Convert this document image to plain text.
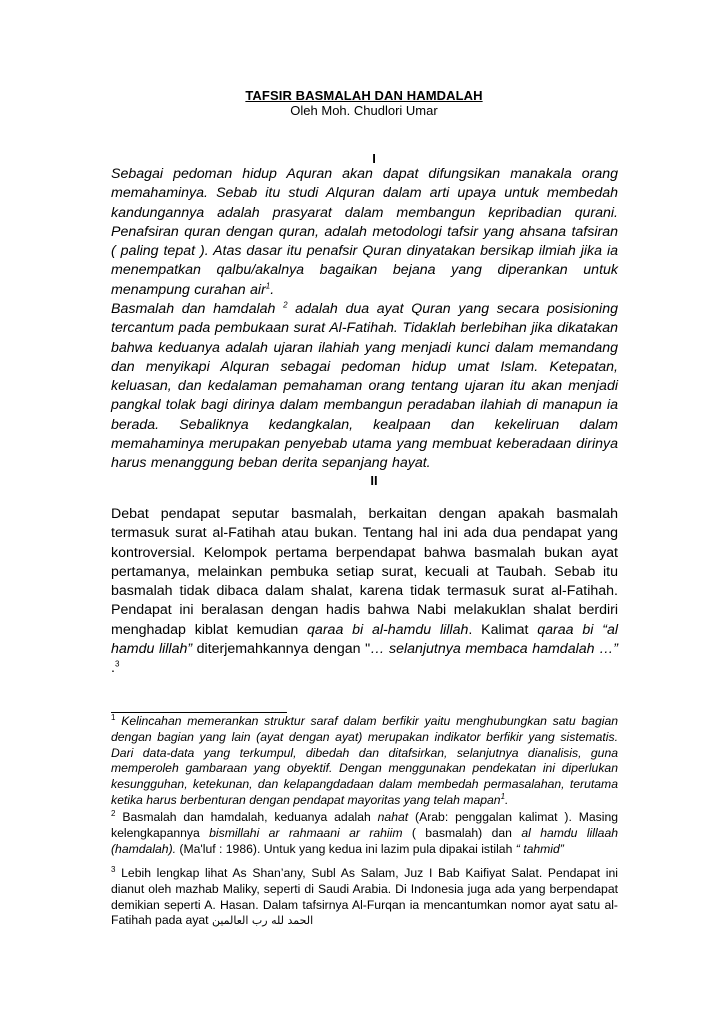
TAFSIR BASMALAH DAN HAMDALAH
Oleh Moh. Chudlori Umar
I
Sebagai pedoman hidup Aquran akan dapat difungsikan manakala orang memahaminya. Sebab itu studi Alquran dalam arti upaya untuk membedah kandungannya adalah prasyarat dalam membangun kepribadian qurani. Penafsiran quran dengan quran, adalah metodologi tafsir yang ahsana tafsiran ( paling tepat ). Atas dasar itu penafsir Quran dinyatakan bersikap ilmiah jika ia menempatkan qalbu/akalnya bagaikan bejana yang diperankan untuk menampung curahan air$^1$.
Basmalah dan hamdalah $^2$ adalah dua ayat Quran yang secara posisioning tercantum pada pembukaan surat Al-Fatihah. Tidaklah berlebihan jika dikatakan bahwa keduanya adalah ujaran ilahiah yang menjadi kunci dalam memandang dan menyikapi Alquran sebagai pedoman hidup umat Islam. Ketepatan, keluasan, dan kedalaman pemahaman orang tentang ujaran itu akan menjadi pangkal tolak bagi dirinya dalam membangun peradaban ilahiah di manapun ia berada. Sebaliknya kedangkalan, kealpaan dan kekeliruan dalam memahaminya merupakan penyebab utama yang membuat keberadaan dirinya harus menanggung beban derita sepanjang hayat.
II
Debat pendapat seputar basmalah, berkaitan dengan apakah basmalah termasuk surat al-Fatihah atau bukan. Tentang hal ini ada dua pendapat yang kontroversial. Kelompok pertama berpendapat bahwa basmalah bukan ayat pertamanya, melainkan pembuka setiap surat, kecuali at Taubah. Sebab itu basmalah tidak dibaca dalam shalat, karena tidak termasuk surat al-Fatihah. Pendapat ini beralasan dengan hadis bahwa Nabi melakuklan shalat berdiri menghadap kiblat kemudian qaraa bi al-hamdu lillah. Kalimat qaraa bi “al hamdu lillah” diterjemahkannya dengan "… selanjutnya membaca hamdalah …” .$^3$
$^1$ Kelincahan memerankan struktur saraf dalam berfikir yaitu menghubungkan satu bagian dengan bagian yang lain (ayat dengan ayat) merupakan indikator berfikir yang sistematis. Dari data-data yang terkumpul, dibedah dan ditafsirkan, selanjutnya dianalisis, guna memperoleh gambaraan yang obyektif. Dengan menggunakan pendekatan ini diperlukan kesungguhan, ketekunan, dan kelapangdadaan dalam membedah permasalahan, terutama ketika harus berbenturan dengan pendapat mayoritas yang telah mapan$^1$.
$^2$ Basmalah dan hamdalah, keduanya adalah nahat (Arab: penggalan kalimat ). Masing kelengkapannya bismillahi ar rahmaani ar rahiim ( basmalah) dan al hamdu lillaah (hamdalah). (Ma'luf : 1986). Untuk yang kedua ini lazim pula dipakai istilah “ tahmid”
$^3$ Lebih lengkap lihat As Shan’any, Subl As Salam, Juz I Bab Kaifiyat Salat. Pendapat ini dianut oleh mazhab Maliky, seperti di Saudi Arabia. Di Indonesia juga ada yang berpendapat demikian seperti A. Hasan. Dalam tafsirnya Al-Furqan ia mencantumkan nomor ayat satu al-Fatihah pada ayat الحمد لله رب العالمين
